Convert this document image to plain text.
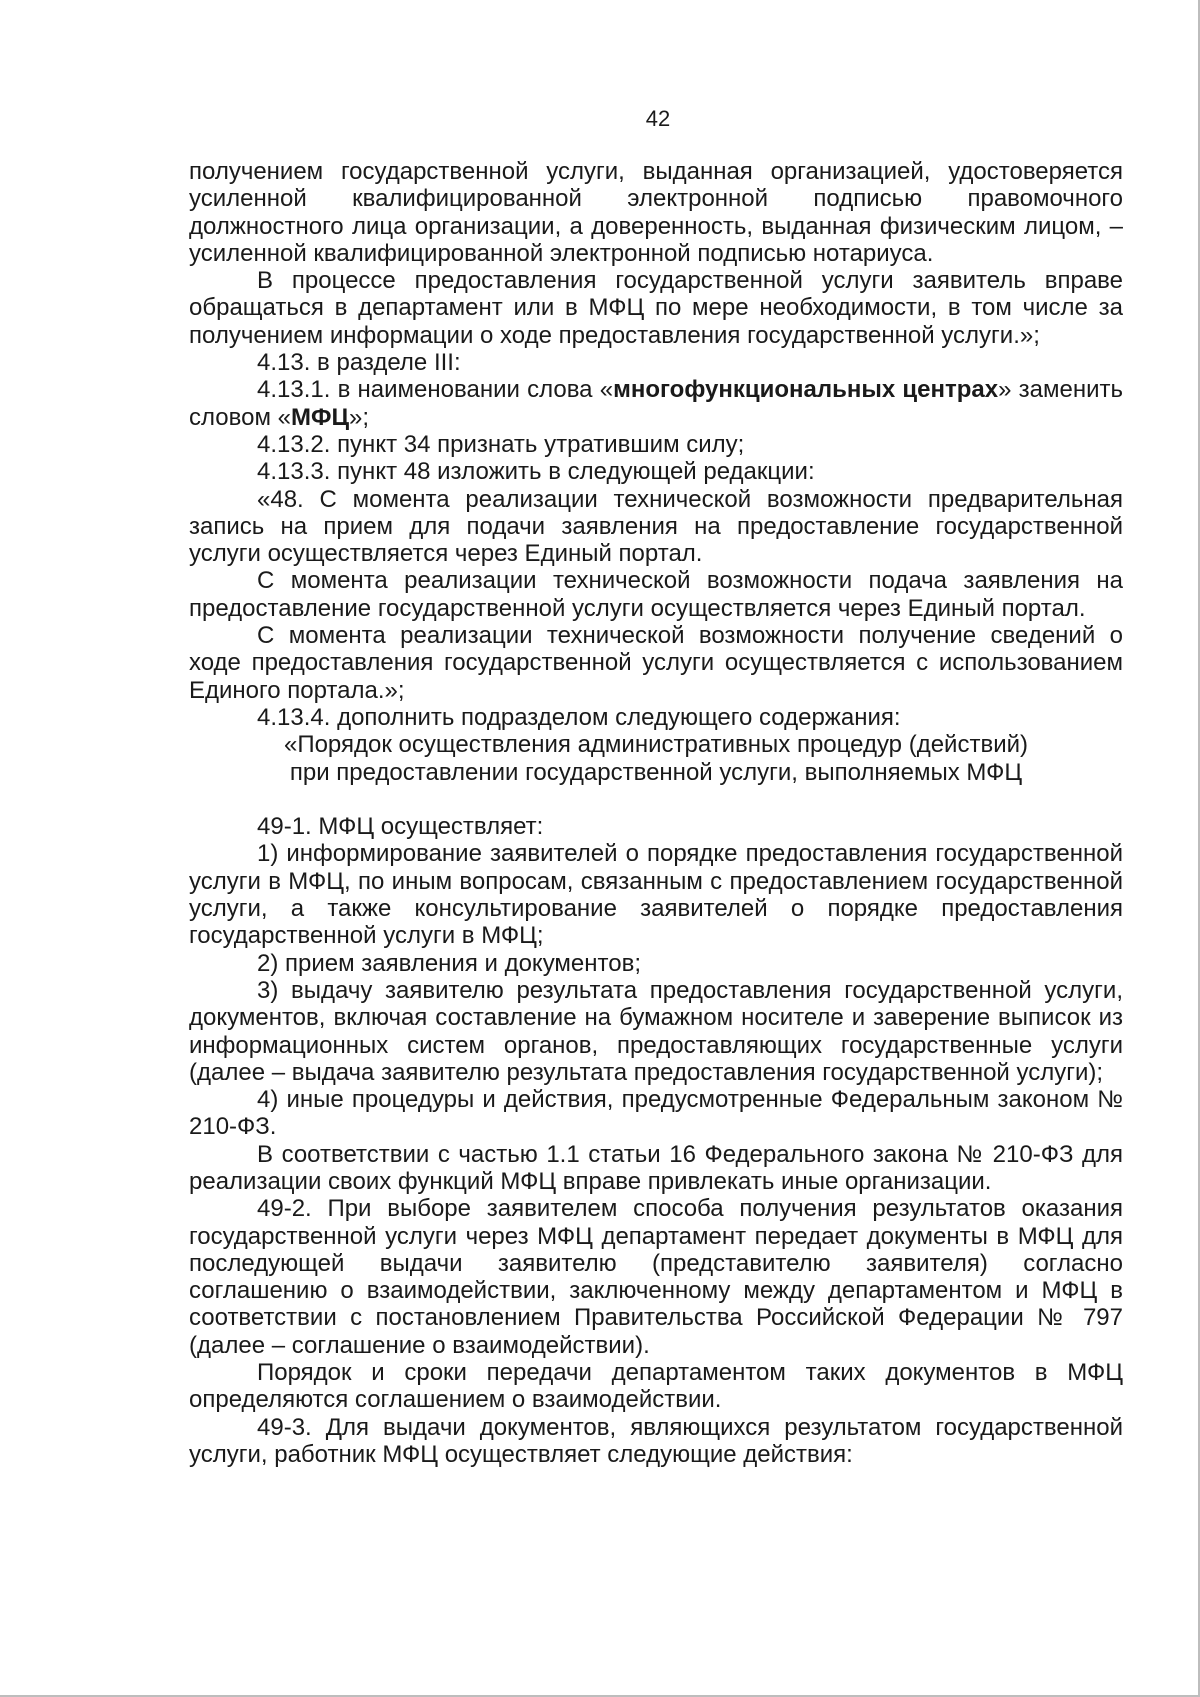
42

получением государственной услуги, выданная организацией, удостоверяется усиленной квалифицированной электронной подписью правомочного должностного лица организации, а доверенность, выданная физическим лицом, – усиленной квалифицированной электронной подписью нотариуса.

В процессе предоставления государственной услуги заявитель вправе обращаться в департамент или в МФЦ по мере необходимости, в том числе за получением информации о ходе предоставления государственной услуги.»;

4.13. в разделе III:

4.13.1. в наименовании слова «многофункциональных центрах» заменить словом «МФЦ»;

4.13.2. пункт 34 признать утратившим силу;

4.13.3. пункт 48 изложить в следующей редакции:

«48. С момента реализации технической возможности предварительная запись на прием для подачи заявления на предоставление государственной услуги осуществляется через Единый портал.

С момента реализации технической возможности подача заявления на предоставление государственной услуги осуществляется через Единый портал.

С момента реализации технической возможности получение сведений о ходе предоставления государственной услуги осуществляется с использованием Единого портала.»;

4.13.4. дополнить подразделом следующего содержания:

«Порядок осуществления административных процедур (действий) при предоставлении государственной услуги, выполняемых МФЦ

49-1. МФЦ осуществляет:

1) информирование заявителей о порядке предоставления государственной услуги в МФЦ, по иным вопросам, связанным с предоставлением государственной услуги, а также консультирование заявителей о порядке предоставления государственной услуги в МФЦ;

2) прием заявления и документов;

3) выдачу заявителю результата предоставления государственной услуги, документов, включая составление на бумажном носителе и заверение выписок из информационных систем органов, предоставляющих государственные услуги (далее – выдача заявителю результата предоставления государственной услуги);

4) иные процедуры и действия, предусмотренные Федеральным законом № 210-ФЗ.

В соответствии с частью 1.1 статьи 16 Федерального закона № 210-ФЗ для реализации своих функций МФЦ вправе привлекать иные организации.

49-2. При выборе заявителем способа получения результатов оказания государственной услуги через МФЦ департамент передает документы в МФЦ для последующей выдачи заявителю (представителю заявителя) согласно соглашению о взаимодействии, заключенному между департаментом и МФЦ в соответствии с постановлением Правительства Российской Федерации № 797 (далее – соглашение о взаимодействии).

Порядок и сроки передачи департаментом таких документов в МФЦ определяются соглашением о взаимодействии.

49-3. Для выдачи документов, являющихся результатом государственной услуги, работник МФЦ осуществляет следующие действия:
